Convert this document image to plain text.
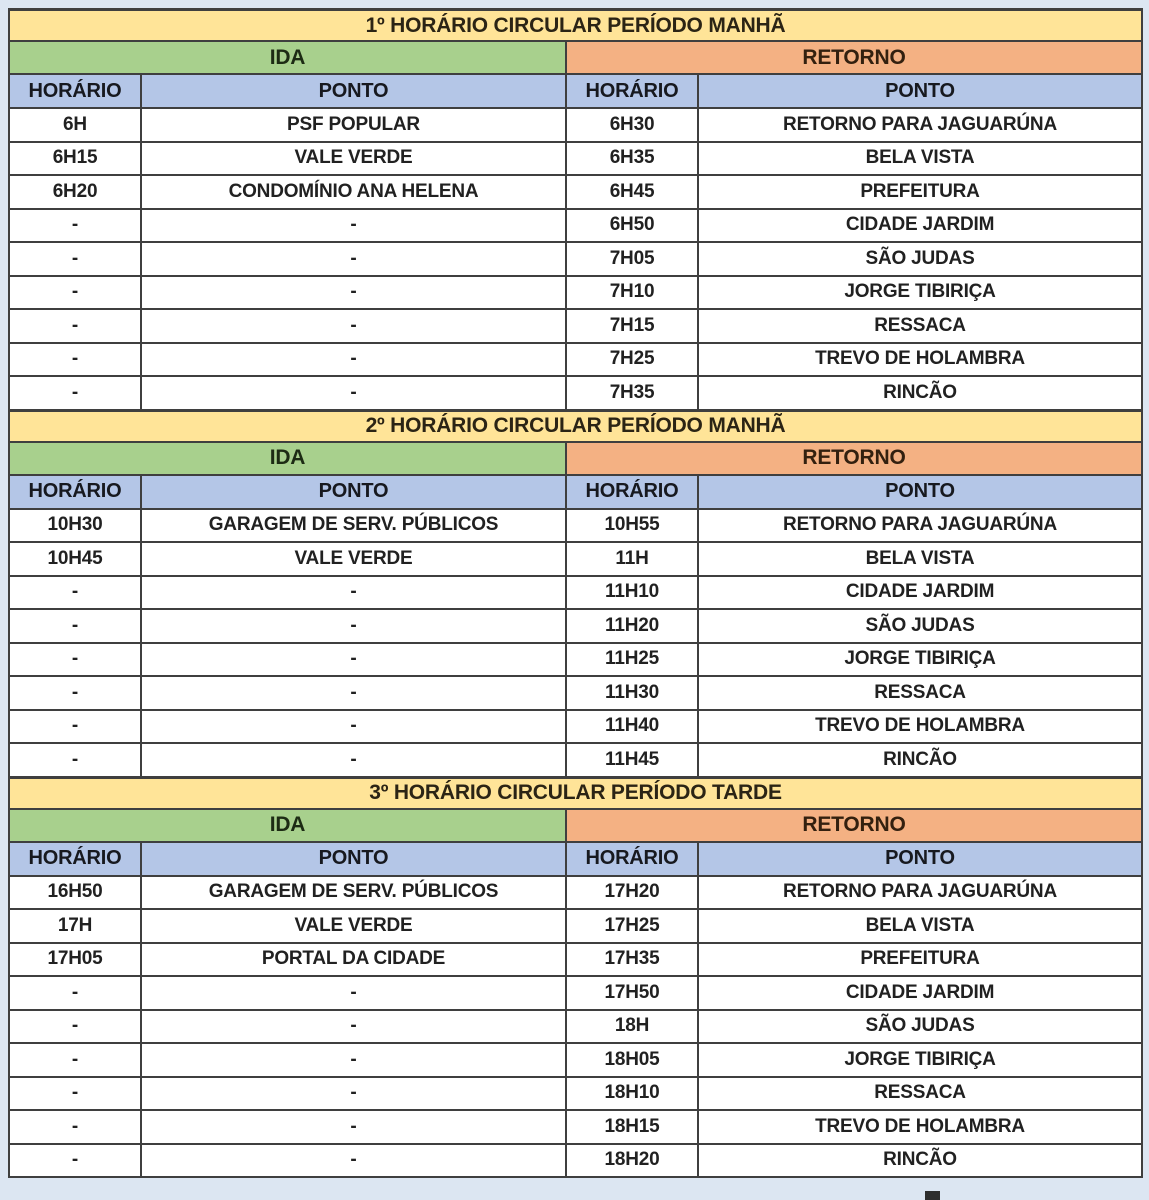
1º HORÁRIO CIRCULAR PERÍODO MANHÃ			
IDA		RETORNO	
HORÁRIO	PONTO	HORÁRIO	PONTO
6H	PSF POPULAR	6H30	RETORNO PARA JAGUARÚNA
6H15	VALE VERDE	6H35	BELA VISTA
6H20	CONDOMÍNIO ANA HELENA	6H45	PREFEITURA
-	-	6H50	CIDADE JARDIM
-	-	7H05	SÃO JUDAS
-	-	7H10	JORGE TIBIRIÇA
-	-	7H15	RESSACA
-	-	7H25	TREVO DE HOLAMBRA
-	-	7H35	RINCÃO
2º HORÁRIO CIRCULAR PERÍODO MANHÃ			
IDA		RETORNO	
HORÁRIO	PONTO	HORÁRIO	PONTO
10H30	GARAGEM DE SERV. PÚBLICOS	10H55	RETORNO PARA JAGUARÚNA
10H45	VALE VERDE	11H	BELA VISTA
-	-	11H10	CIDADE JARDIM
-	-	11H20	SÃO JUDAS
-	-	11H25	JORGE TIBIRIÇA
-	-	11H30	RESSACA
-	-	11H40	TREVO DE HOLAMBRA
-	-	11H45	RINCÃO
3º HORÁRIO CIRCULAR PERÍODO TARDE			
IDA		RETORNO	
HORÁRIO	PONTO	HORÁRIO	PONTO
16H50	GARAGEM DE SERV. PÚBLICOS	17H20	RETORNO PARA JAGUARÚNA
17H	VALE VERDE	17H25	BELA VISTA
17H05	PORTAL DA CIDADE	17H35	PREFEITURA
-	-	17H50	CIDADE JARDIM
-	-	18H	SÃO JUDAS
-	-	18H05	JORGE TIBIRIÇA
-	-	18H10	RESSACA
-	-	18H15	TREVO DE HOLAMBRA
-	-	18H20	RINCÃO
